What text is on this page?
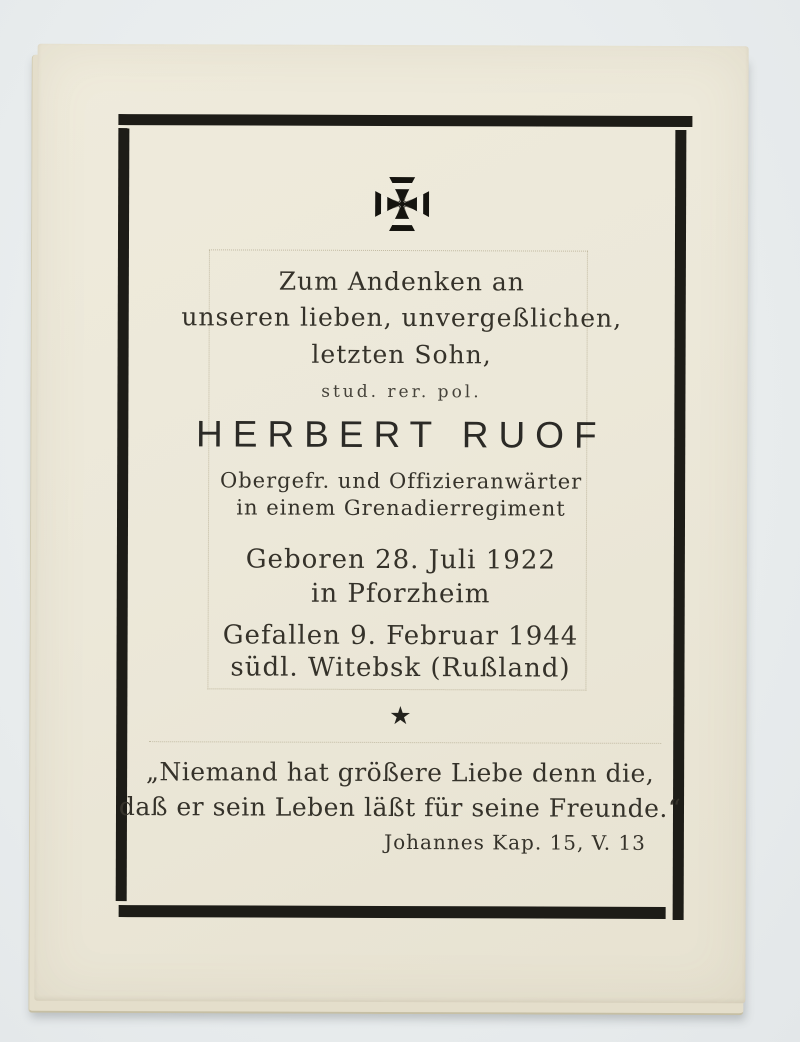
Zum Andenken an
unseren lieben, unvergeßlichen,
letzten Sohn,
stud. rer. pol.
HERBERT RUOF
Obergefr. und Offizieranwärter
in einem Grenadierregiment
Geboren 28. Juli 1922
in Pforzheim
Gefallen 9. Februar 1944
südl. Witebsk (Rußland)
★
„Niemand hat größere Liebe denn die,
daß er sein Leben läßt für seine Freunde.“
Johannes Kap. 15, V. 13
